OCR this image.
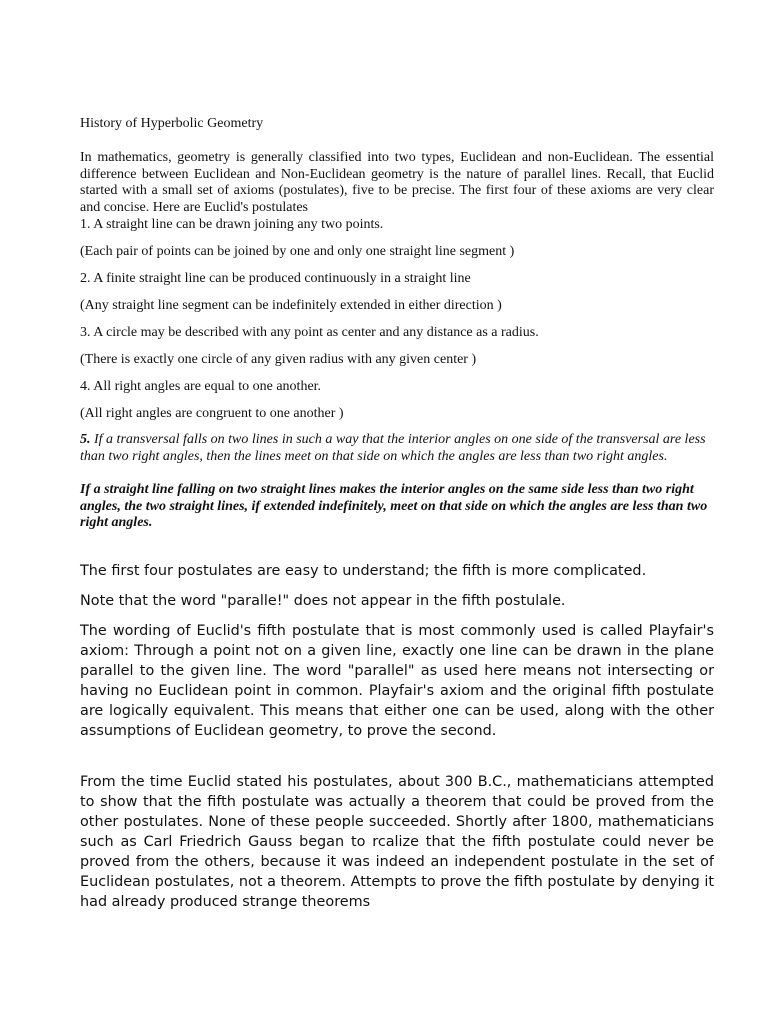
History of Hyperbolic Geometry

In mathematics, geometry is generally classified into two types, Euclidean and non-Euclidean. The essential difference between Euclidean and Non-Euclidean geometry is the nature of parallel lines. Recall, that Euclid started with a small set of axioms (postulates), five to be precise. The first four of these axioms are very clear and concise. Here are Euclid's postulates

1. A straight line can be drawn joining any two points.

(Each pair of points can be joined by one and only one straight line segment )

2. A finite straight line can be produced continuously in a straight line

(Any straight line segment can be indefinitely extended in either direction )

3. A circle may be described with any point as center and any distance as a radius.

(There is exactly one circle of any given radius with any given center )

4. All right angles are equal to one another.

(All right angles are congruent to one another )

5. If a transversal falls on two lines in such a way that the interior angles on one side of the transversal are less than two right angles, then the lines meet on that side on which the angles are less than two right angles.

If a straight line falling on two straight lines makes the interior angles on the same side less than two right angles, the two straight lines, if extended indefinitely, meet on that side on which the angles are less than two right angles.

The first four postulates are easy to understand; the fifth is more complicated.

Note that the word "paralle!" does not appear in the fifth postulale.

The wording of Euclid's fifth postulate that is most commonly used is called Playfair's axiom: Through a point not on a given line, exactly one line can be drawn in the plane parallel to the given line. The word "parallel" as used here means not intersecting or having no Euclidean point in common. Playfair's axiom and the original fifth postulate are logically equivalent. This means that either one can be used, along with the other assumptions of Euclidean geometry, to prove the second.

From the time Euclid stated his postulates, about 300 B.C., mathematicians attempted to show that the fifth postulate was actually a theorem that could be proved from the other postulates. None of these people succeeded. Shortly after 1800, mathematicians such as Carl Friedrich Gauss began to rcalize that the fifth postulate could never be proved from the others, because it was indeed an independent postulate in the set of Euclidean postulates, not a theorem. Attempts to prove the fifth postulate by denying it had already produced strange theorems
